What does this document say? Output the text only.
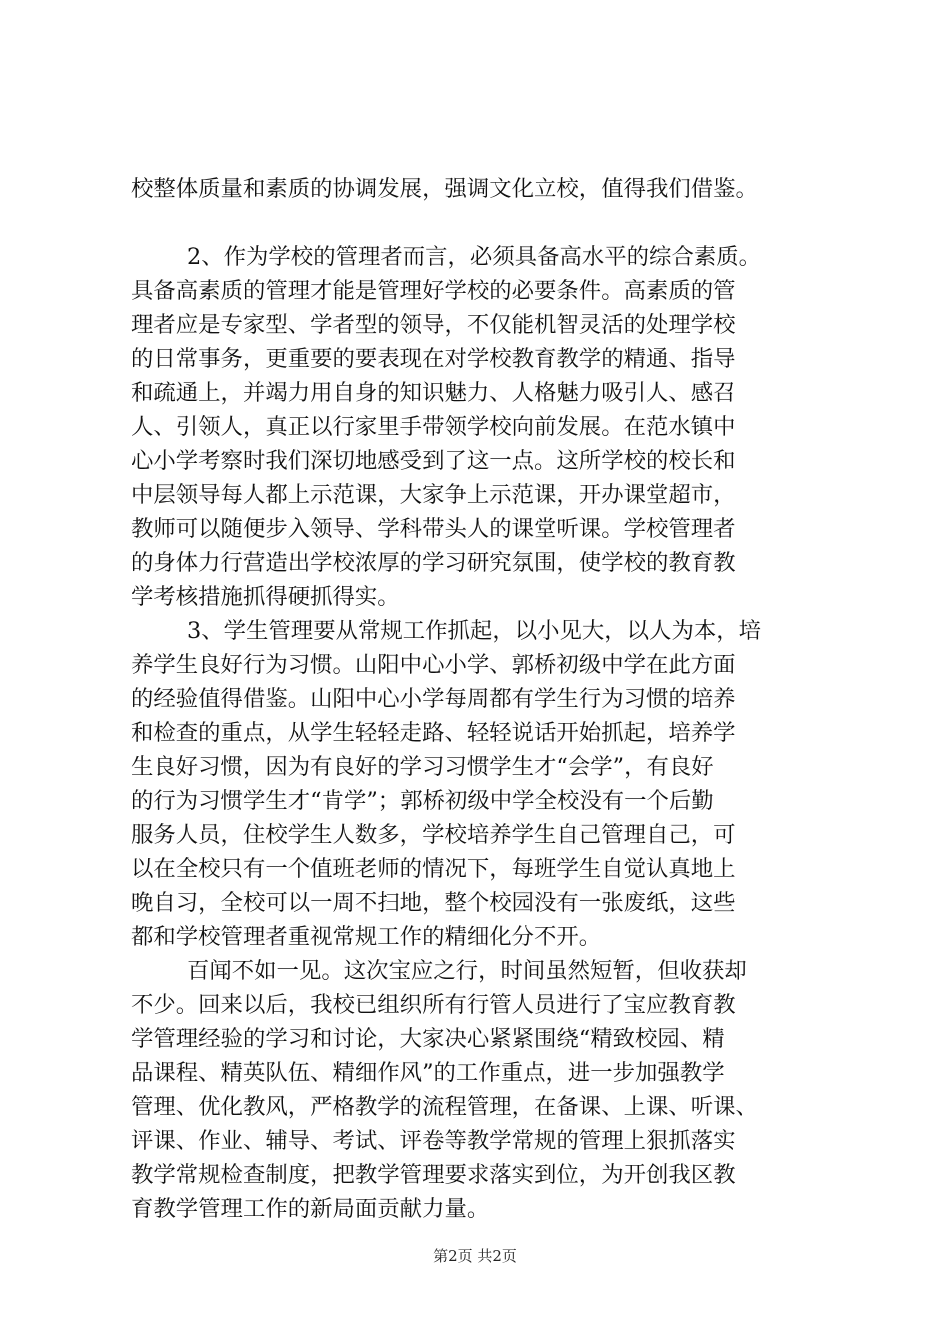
校整体质量和素质的协调发展，强调文化立校，值得我们借鉴。
2、作为学校的管理者而言，必须具备高水平的综合素质。
具备高素质的管理才能是管理好学校的必要条件。高素质的管
理者应是专家型、学者型的领导，不仅能机智灵活的处理学校
的日常事务，更重要的要表现在对学校教育教学的精通、指导
和疏通上，并竭力用自身的知识魅力、人格魅力吸引人、感召
人、引领人，真正以行家里手带领学校向前发展。在范水镇中
心小学考察时我们深切地感受到了这一点。这所学校的校长和
中层领导每人都上示范课，大家争上示范课，开办课堂超市，
教师可以随便步入领导、学科带头人的课堂听课。学校管理者
的身体力行营造出学校浓厚的学习研究氛围，使学校的教育教
学考核措施抓得硬抓得实。
3、学生管理要从常规工作抓起，以小见大，以人为本，培
养学生良好行为习惯。山阳中心小学、郭桥初级中学在此方面
的经验值得借鉴。山阳中心小学每周都有学生行为习惯的培养
和检查的重点，从学生轻轻走路、轻轻说话开始抓起，培养学
生良好习惯，因为有良好的学习习惯学生才“会学”，有良好
的行为习惯学生才“肯学”；郭桥初级中学全校没有一个后勤
服务人员，住校学生人数多，学校培养学生自己管理自己，可
以在全校只有一个值班老师的情况下，每班学生自觉认真地上
晚自习，全校可以一周不扫地，整个校园没有一张废纸，这些
都和学校管理者重视常规工作的精细化分不开。
百闻不如一见。这次宝应之行，时间虽然短暂，但收获却
不少。回来以后，我校已组织所有行管人员进行了宝应教育教
学管理经验的学习和讨论，大家决心紧紧围绕“精致校园、精
品课程、精英队伍、精细作风”的工作重点，进一步加强教学
管理、优化教风，严格教学的流程管理，在备课、上课、听课、
评课、作业、辅导、考试、评卷等教学常规的管理上狠抓落实
教学常规检查制度，把教学管理要求落实到位，为开创我区教
育教学管理工作的新局面贡献力量。
第2页 共2页
